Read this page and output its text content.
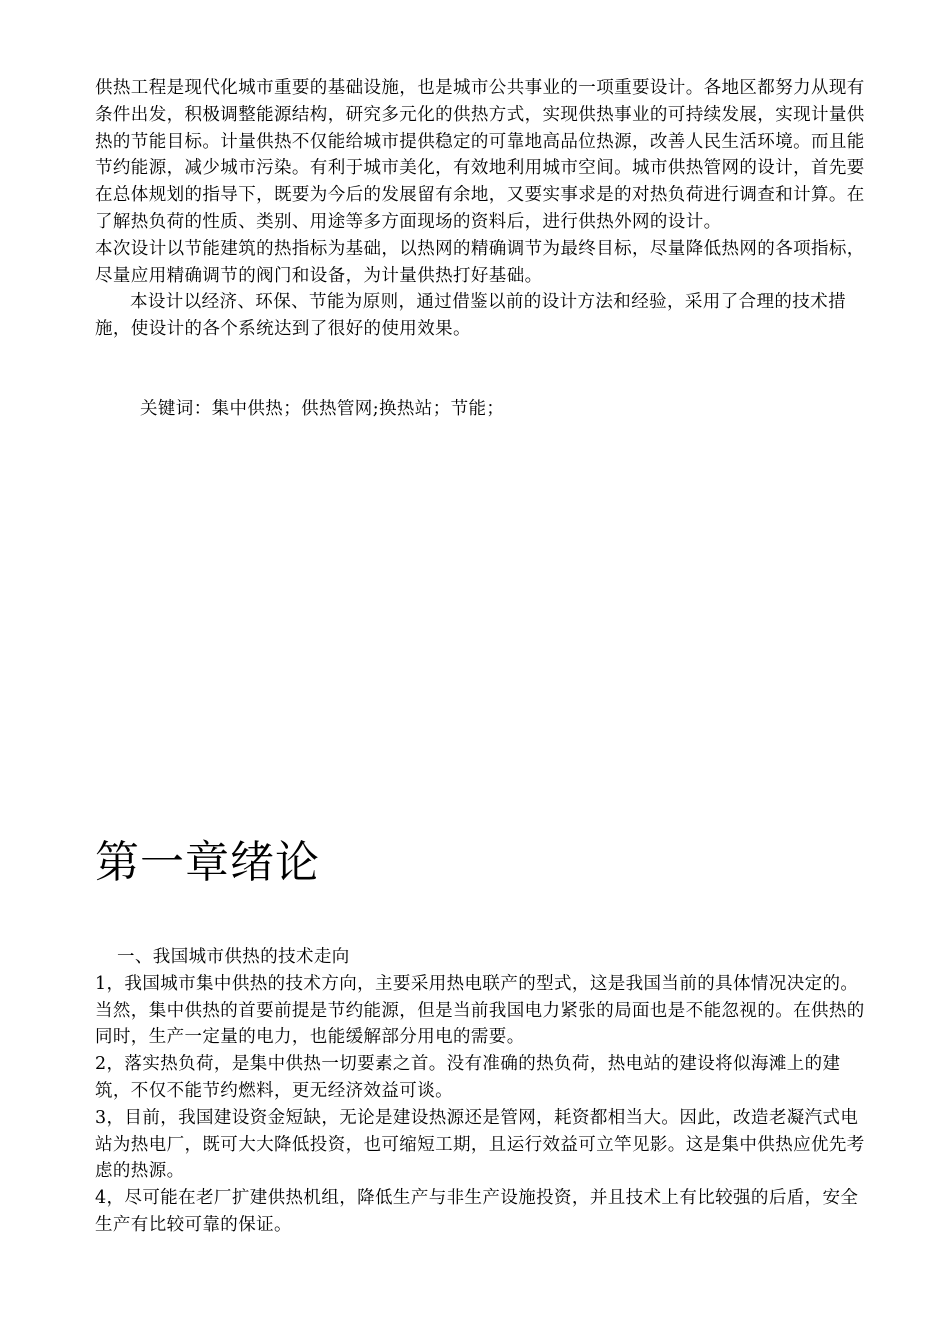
供热工程是现代化城市重要的基础设施，也是城市公共事业的一项重要设计。各地区都努力从现有条件出发，积极调整能源结构，研究多元化的供热方式，实现供热事业的可持续发展，实现计量供热的节能目标。计量供热不仅能给城市提供稳定的可靠地高品位热源，改善人民生活环境。而且能节约能源，减少城市污染。有利于城市美化，有效地利用城市空间。城市供热管网的设计，首先要在总体规划的指导下，既要为今后的发展留有余地，又要实事求是的对热负荷进行调查和计算。在了解热负荷的性质、类别、用途等多方面现场的资料后，进行供热外网的设计。

本次设计以节能建筑的热指标为基础，以热网的精确调节为最终目标，尽量降低热网的各项指标，尽量应用精确调节的阀门和设备，为计量供热打好基础。

本设计以经济、环保、节能为原则，通过借鉴以前的设计方法和经验，采用了合理的技术措施，使设计的各个系统达到了很好的使用效果。

关键词：集中供热；供热管网;换热站；节能；
第一章绪论

一、我国城市供热的技术走向

1，我国城市集中供热的技术方向，主要采用热电联产的型式，这是我国当前的具体情况决定的。当然，集中供热的首要前提是节约能源，但是当前我国电力紧张的局面也是不能忽视的。在供热的同时，生产一定量的电力，也能缓解部分用电的需要。

2，落实热负荷，是集中供热一切要素之首。没有准确的热负荷，热电站的建设将似海滩上的建筑，不仅不能节约燃料，更无经济效益可谈。

3，目前，我国建设资金短缺，无论是建设热源还是管网，耗资都相当大。因此，改造老凝汽式电站为热电厂，既可大大降低投资，也可缩短工期，且运行效益可立竿见影。这是集中供热应优先考虑的热源。

4，尽可能在老厂扩建供热机组，降低生产与非生产设施投资，并且技术上有比较强的后盾，安全生产有比较可靠的保证。
